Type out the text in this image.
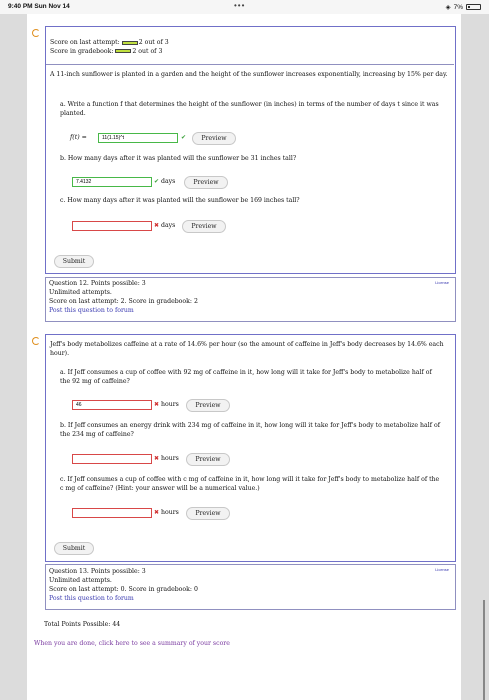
9:40 PM Sun Nov 14	•••	◈ 7%
Score on last attempt:	2 out of 3
Score in gradebook:	2 out of 3
A 11-inch sunflower is planted in a garden and the height of the sunflower increases exponentially, increasing by 15% per day.
a. Write a function f that determines the height of the sunflower (in inches) in terms of the number of days t since it was planted.
f(t) =	11(1.15)^t	✔	Preview
b. How many days after it was planted will the sunflower be 31 inches tall?
7.4132	✔ days	Preview
c. How many days after it was planted will the sunflower be 169 inches tall?
✖ days	Preview
Submit
License
Question 12. Points possible: 3
Unlimited attempts.
Score on last attempt: 2. Score in gradebook: 2
Post this question to forum
Jeff's body metabolizes caffeine at a rate of 14.6% per hour (so the amount of caffeine in Jeff's body decreases by 14.6% each hour).
a. If Jeff consumes a cup of coffee with 92 mg of caffeine in it, how long will it take for Jeff's body to metabolize half of the 92 mg of caffeine?
46	✖ hours	Preview
b. If Jeff consumes an energy drink with 234 mg of caffeine in it, how long will it take for Jeff's body to metabolize half of the 234 mg of caffeine?
✖ hours	Preview
c. If Jeff consumes a cup of coffee with c mg of caffeine in it, how long will it take for Jeff's body to metabolize half of the c mg of caffeine? (Hint: your answer will be a numerical value.)
✖ hours	Preview
Submit
License
Question 13. Points possible: 3
Unlimited attempts.
Score on last attempt: 0. Score in gradebook: 0
Post this question to forum
Total Points Possible: 44
When you are done, click here to see a summary of your score
